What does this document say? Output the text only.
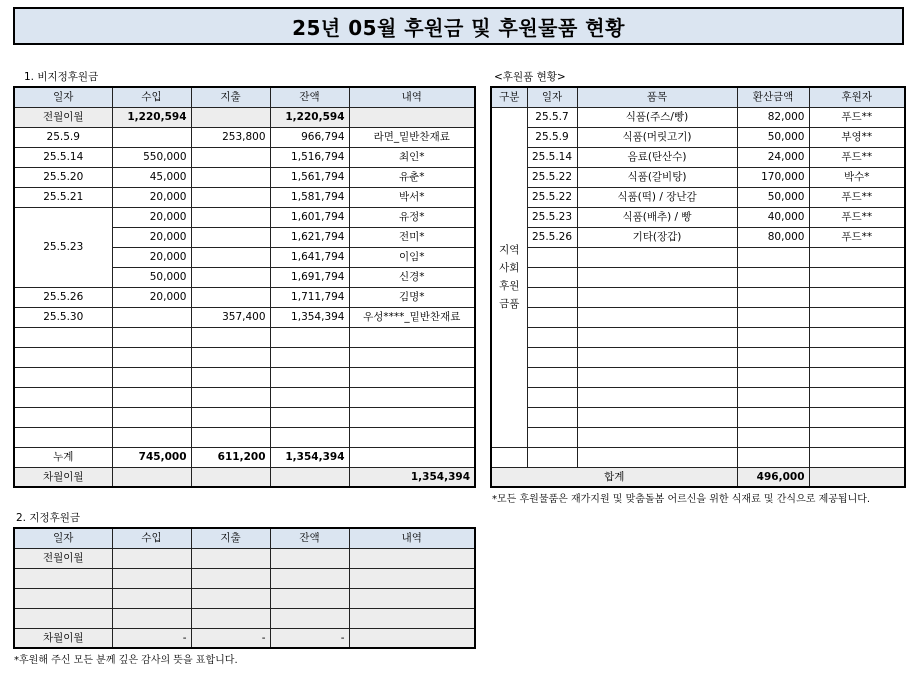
25년 05월 후원금 및 후원물품 현황
1. 비지정후원금
일자	수입	지출	잔액	내역
전월이월	1,220,594		1,220,594	
25.5.9		253,800	966,794	라면_밑반찬재료
25.5.14	550,000		1,516,794	최인*
25.5.20	45,000		1,561,794	유춘*
25.5.21	20,000		1,581,794	박서*
25.5.23	20,000		1,601,794	유정*
	20,000		1,621,794	전미*
	20,000		1,641,794	이임*
	50,000		1,691,794	신경*
25.5.26	20,000		1,711,794	김명*
25.5.30		357,400	1,354,394	우성****_밑반찬재료

누계	745,000	611,200	1,354,394	
차월이월				1,354,394
2. 지정후원금
일자	수입	지출	잔액	내역
전월이월				

차월이월	-	-	-	
*후원해 주신 모든 분께 깊은 감사의 뜻을 표합니다.
<후원품 현황>
구분	일자	품목	환산금액	후원자
지역 사회 후원 금품	25.5.7	식품(주스/빵)	82,000	푸드**
	25.5.9	식품(머릿고기)	50,000	부영**
	25.5.14	음료(탄산수)	24,000	푸드**
	25.5.22	식품(갈비탕)	170,000	박수*
	25.5.22	식품(떡) / 장난감	50,000	푸드**
	25.5.23	식품(배추) / 빵	40,000	푸드**
	25.5.26	기타(장갑)	80,000	푸드**

합계			496,000	
*모든 후원물품은 재가지원 및 맞춤돌봄 어르신을 위한 식재료 및 간식으로 제공됩니다.
